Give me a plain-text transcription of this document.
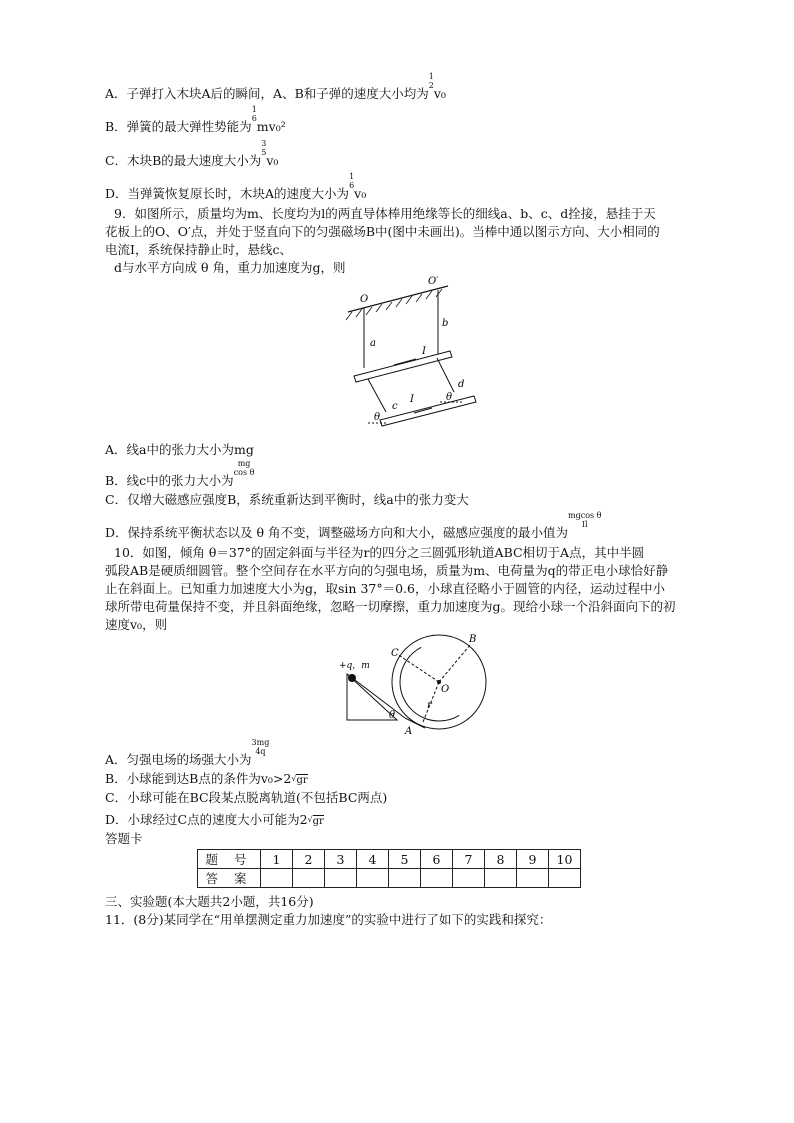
A．子弹打入木块A后的瞬间，A、B和子弹的速度大小均为
1
2
v₀
B．弹簧的最大弹性势能为
1
6
mv₀²
C．木块B的最大速度大小为
3
5
v₀
D．当弹簧恢复原长时，木块A的速度大小为
1
6
v₀
9．如图所示，质量均为m、长度均为l的两直导体棒用绝缘等长的细线a、b、c、d拴接，悬挂于天
花板上的O、O′点，并处于竖直向下的匀强磁场B中(图中未画出)。当棒中通以图示方向、大小相同的
电流I，系统保持静止时，悬线c、
d与水平方向成 θ 角，重力加速度为g，则
O
O′
a
b
c
d
I
I
θ
θ
A．线a中的张力大小为mg
B．线c中的张力大小为
mg
cos θ
C．仅增大磁感应强度B，系统重新达到平衡时，线a中的张力变大
D．保持系统平衡状态以及 θ 角不变，调整磁场方向和大小，磁感应强度的最小值为
mgcos θ
Il
10．如图，倾角 θ＝37°的固定斜面与半径为r的四分之三圆弧形轨道ABC相切于A点，其中半圆
弧段AB是硬质细圆管。整个空间存在水平方向的匀强电场，质量为m、电荷量为q的带正电小球恰好静
止在斜面上。已知重力加速度大小为g，取sin 37°＝0.6，小球直径略小于圆管的内径，运动过程中小
球所带电荷量保持不变，并且斜面绝缘，忽略一切摩擦，重力加速度为g。现给小球一个沿斜面向下的初
速度v₀，则
+q，m
B
C
O
r
θ
A
A．匀强电场的场强大小为
3mg
4q
B．小球能到达B点的条件为v₀>2√gr
C．小球可能在BC段某点脱离轨道(不包括BC两点)
D．小球经过C点的速度大小可能为2√gr
答题卡
题 号	1	2	3	4	5	6	7	8	9	10
答 案										
三、实验题(本大题共2小题，共16分)
11．(8分)某同学在“用单摆测定重力加速度”的实验中进行了如下的实践和探究：
